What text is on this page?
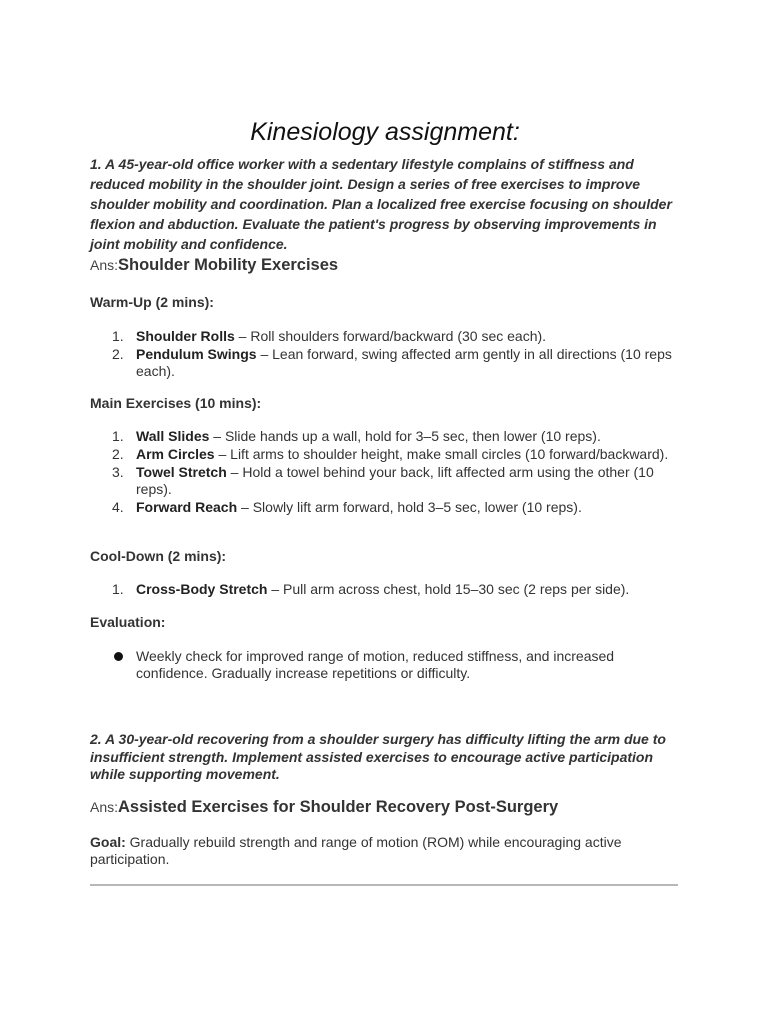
Kinesiology assignment:

1. A 45-year-old office worker with a sedentary lifestyle complains of stiffness and reduced mobility in the shoulder joint. Design a series of free exercises to improve shoulder mobility and coordination. Plan a localized free exercise focusing on shoulder flexion and abduction. Evaluate the patient's progress by observing improvements in joint mobility and confidence.

Ans:Shoulder Mobility Exercises

Warm-Up (2 mins):

1. Shoulder Rolls – Roll shoulders forward/backward (30 sec each).
2. Pendulum Swings – Lean forward, swing affected arm gently in all directions (10 reps each).

Main Exercises (10 mins):

1. Wall Slides – Slide hands up a wall, hold for 3–5 sec, then lower (10 reps).
2. Arm Circles – Lift arms to shoulder height, make small circles (10 forward/backward).
3. Towel Stretch – Hold a towel behind your back, lift affected arm using the other (10 reps).
4. Forward Reach – Slowly lift arm forward, hold 3–5 sec, lower (10 reps).

Cool-Down (2 mins):

1. Cross-Body Stretch – Pull arm across chest, hold 15–30 sec (2 reps per side).

Evaluation:

Weekly check for improved range of motion, reduced stiffness, and increased confidence. Gradually increase repetitions or difficulty.

2. A 30-year-old recovering from a shoulder surgery has difficulty lifting the arm due to insufficient strength. Implement assisted exercises to encourage active participation while supporting movement.

Ans:Assisted Exercises for Shoulder Recovery Post-Surgery

Goal: Gradually rebuild strength and range of motion (ROM) while encouraging active participation.
